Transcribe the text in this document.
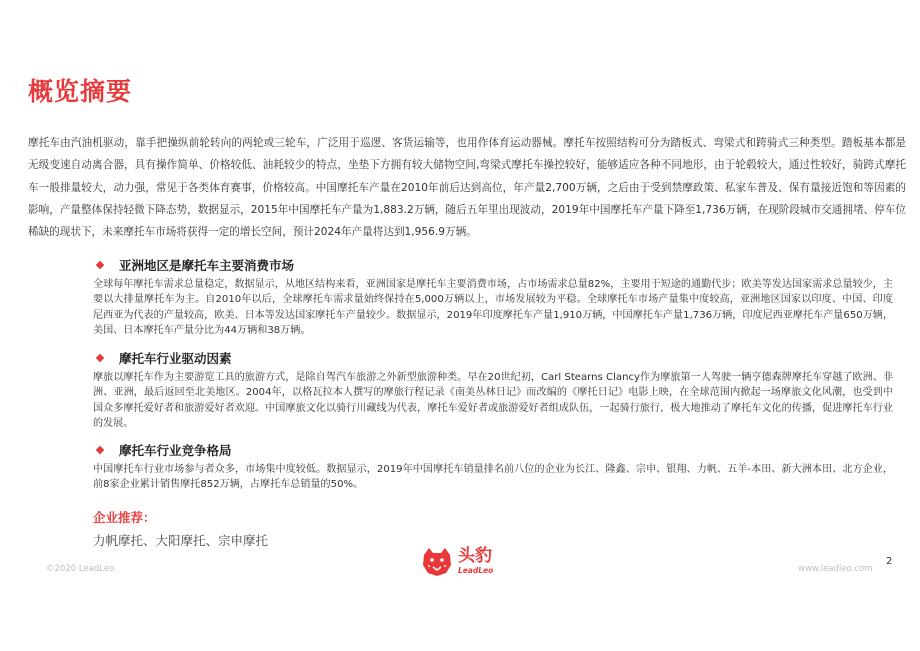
概览摘要
摩托车由汽油机驱动，靠手把操纵前轮转向的两轮或三轮车，广泛用于巡逻、客货运输等，也用作体育运动器械。摩托车按照结构可分为踏板式、弯梁式和跨骑式三种类型。踏板基本都是无级变速自动离合器，具有操作简单、价格较低、油耗较少的特点，坐垫下方拥有较大储物空间,弯梁式摩托车操控较好，能够适应各种不同地形，由于轮毂较大，通过性较好，骑跨式摩托车一般排量较大，动力强，常见于各类体育赛事，价格较高。中国摩托车产量在2010年前后达到高位，年产量2,700万辆，之后由于受到禁摩政策、私家车普及、保有量接近饱和等因素的影响，产量整体保持轻微下降态势，数据显示，2015年中国摩托车产量为1,883.2万辆，随后五年里出现波动，2019年中国摩托车产量下降至1,736万辆，在现阶段城市交通拥堵、停车位稀缺的现状下，未来摩托车市场将获得一定的增长空间，预计2024年产量将达到1,956.9万辆。
亚洲地区是摩托车主要消费市场
全球每年摩托车需求总量稳定，数据显示，从地区结构来看，亚洲国家是摩托车主要消费市场，占市场需求总量82%，主要用于短途的通勤代步；欧美等发达国家需求总量较少，主要以大排量摩托车为主。自2010年以后，全球摩托车需求量始终保持在5,000万辆以上，市场发展较为平稳。全球摩托车市场产量集中度较高，亚洲地区国家以印度、中国、印度尼西亚为代表的产量较高，欧美、日本等发达国家摩托车产量较少。数据显示，2019年印度摩托车产量1,910万辆，中国摩托车产量1,736万辆，印度尼西亚摩托车产量650万辆，美国、日本摩托车产量分比为44万辆和38万辆。
摩托车行业驱动因素
摩旅以摩托车作为主要游览工具的旅游方式，是除自驾汽车旅游之外新型旅游种类。早在20世纪初，Carl Stearns Clancy作为摩旅第一人驾驶一辆亨德森牌摩托车穿越了欧洲、非洲、亚洲，最后返回至北美地区。2004年，以格瓦拉本人撰写的摩旅行程记录《南美丛林日记》而改编的《摩托日记》电影上映，在全球范围内掀起一场摩旅文化风潮，也受到中国众多摩托爱好者和旅游爱好者欢迎。中国摩旅文化以骑行川藏线为代表，摩托车爱好者或旅游爱好者组成队伍，一起骑行旅行，极大地推动了摩托车文化的传播，促进摩托车行业的发展。
摩托车行业竞争格局
中国摩托车行业市场参与者众多，市场集中度较低。数据显示，2019年中国摩托车销量排名前八位的企业为长江、隆鑫、宗申、银翔、力帆、五羊-本田、新大洲本田、北方企业，前8家企业累计销售摩托852万辆，占摩托车总销量的50%。
企业推荐：
力帆摩托、大阳摩托、宗申摩托
©2020 LeadLeo
头豹
LeadLeo	www.leadleo.com
2
